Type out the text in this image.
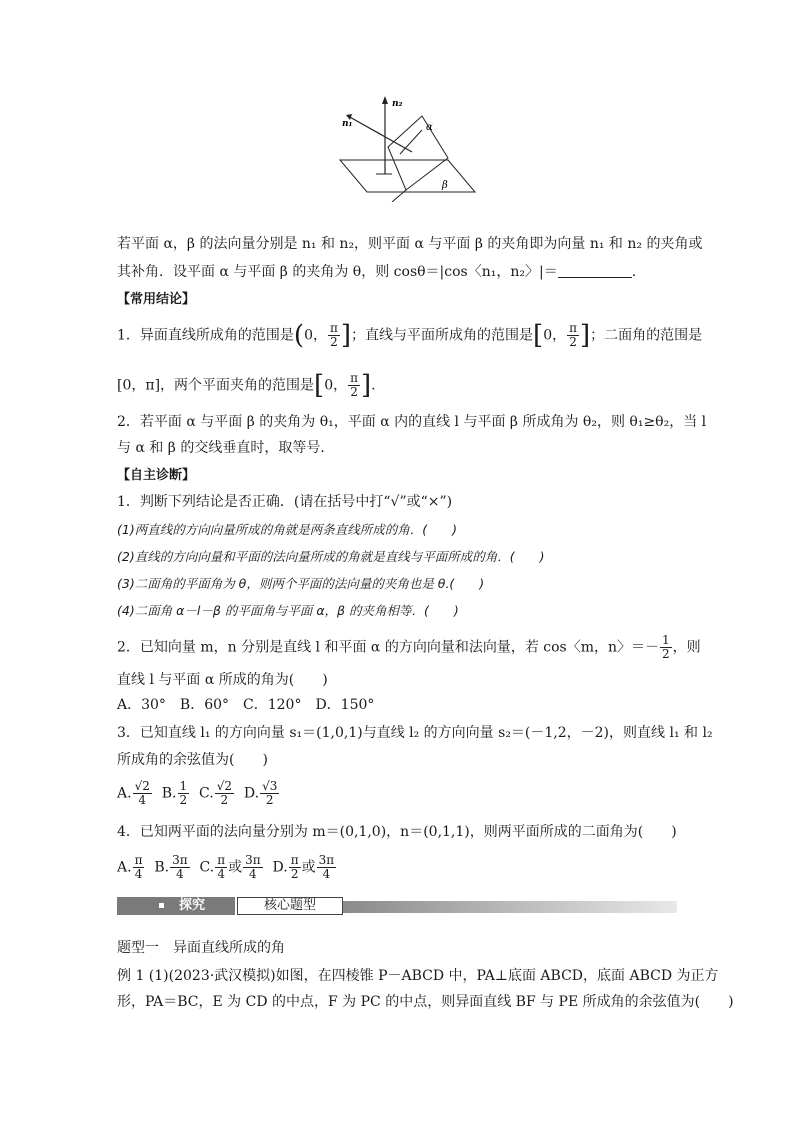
n₂
n₁	α
β
若平面 α，β 的法向量分别是 n₁ 和 n₂，则平面 α 与平面 β 的夹角即为向量 n₁ 和 n₂ 的夹角或
其补角．设平面 α 与平面 β 的夹角为 θ，则 cosθ＝|cos〈n₁，n₂〉|＝	.
【常用结论】
1．异面直线所成角的范围是(0， $\frac{\pi}{2}$ ]；直线与平面所成角的范围是[0， $\frac{\pi}{2}$ ]；二面角的范围是
[0，π]，两个平面夹角的范围是[0， $\frac{\pi}{2}$ ].
2．若平面 α 与平面 β 的夹角为 θ₁，平面 α 内的直线 l 与平面 β 所成角为 θ₂，则 θ₁≥θ₂，当 l
与 α 和 β 的交线垂直时，取等号．
【自主诊断】
1．判断下列结论是否正确．(请在括号中打“√”或“×”)
(1)两直线的方向向量所成的角就是两条直线所成的角．(　　)
(2)直线的方向向量和平面的法向量所成的角就是直线与平面所成的角．(　　)
(3)二面角的平面角为 θ，则两个平面的法向量的夹角也是 θ.(　　)
(4)二面角 α－l－β 的平面角与平面 α，β 的夹角相等．(　　)
2．已知向量 m，n 分别是直线 l 和平面 α 的方向向量和法向量，若 cos〈m，n〉＝－ $\frac{1}{2}$ ，则
直线 l 与平面 α 所成的角为(　　)
A．30°　B．60°　C．120°　D．150°
3．已知直线 l₁ 的方向向量 s₁＝(1,0,1)与直线 l₂ 的方向向量 s₂＝(－1,2，－2)，则直线 l₁ 和 l₂
所成角的余弦值为(　　)
A. $\frac{√2}{4} B$. $\frac{1}{2} C$. $\frac{√2}{2} D$. $\frac{√3}{2}$
4．已知两平面的法向量分别为 m＝(0,1,0)，n＝(0,1,1)，则两平面所成的二面角为(　　)
A. $\frac{\pi}{4} B$. $\frac{3\pi}{4} C$. $\frac{\pi}{4}$ 或 $\frac{3\pi}{4} D$. $\frac{\pi}{2}$ 或 $\frac{3\pi}{4}$
探究	核心题型
题型一　异面直线所成的角
例 1 (1)(2023·武汉模拟)如图，在四棱锥 P－ABCD 中，PA⊥底面 ABCD，底面 ABCD 为正方
形，PA＝BC，E 为 CD 的中点，F 为 PC 的中点，则异面直线 BF 与 PE 所成角的余弦值为(　　)
